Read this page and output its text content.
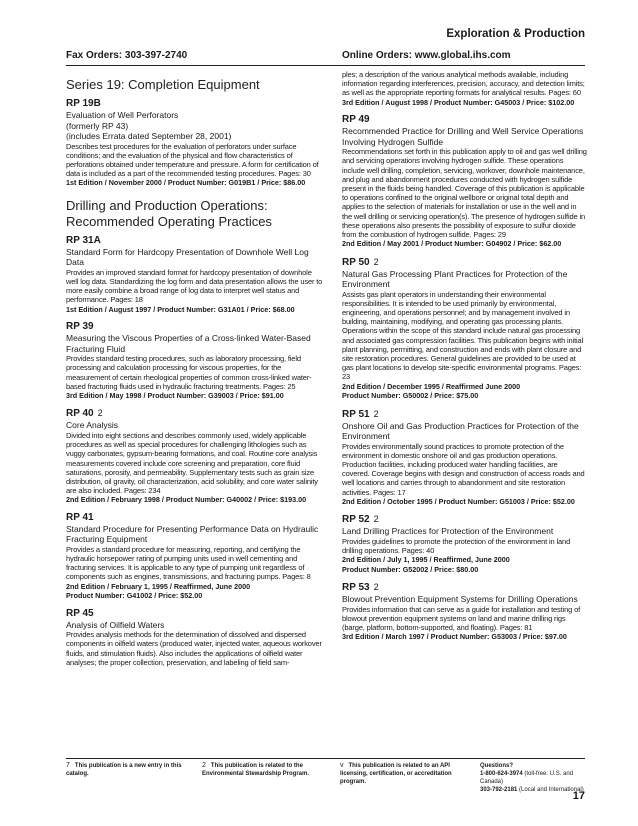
Exploration & Production
Fax Orders: 303-397-2740	Online Orders: www.global.ihs.com
Series 19: Completion Equipment
RP 19B
Evaluation of Well Perforators
(formerly RP 43)
(includes Errata dated September 28, 2001)
Describes test procedures for the evaluation of perforators under surface conditions; and the evaluation of the physical and flow characteristics of perforations obtained under temperature and pressure. A form for certification of data is included as a part of the recommended testing procedures. Pages: 30
1st Edition / November 2000 / Product Number: G019B1 / Price: $86.00
Drilling and Production Operations:
Recommended Operating Practices
RP 31A
Standard Form for Hardcopy Presentation of Downhole Well Log Data
Provides an improved standard format for hardcopy presentation of downhole well log data. Standardizing the log form and data presentation allows the user to more easily combine a broad range of log data to interpret well status and performance. Pages: 18
1st Edition / August 1997 / Product Number: G31A01 / Price: $68.00
RP 39
Measuring the Viscous Properties of a Cross-linked Water-Based Fracturing Fluid
Provides standard testing procedures, such as laboratory processing, field processing and calculation processing for viscous properties, for the measurement of certain rheological properties of common cross-linked water-based fracturing fluids used in hydraulic fracturing treatments. Pages: 25
3rd Edition / May 1998 / Product Number: G39003 / Price: $91.00
RP 40 2
Core Analysis
Divided into eight sections and describes commonly used, widely applicable procedures as well as special procedures for challenging lithologies such as vuggy carbonates, gypsum-bearing formations, and coal. Routine core analysis measurements covered include core screening and preparation, core fluid saturations, porosity, and permeability. Supplementary tests such as grain size distribution, oil gravity, oil characterization, acid solubility, and core water salinity are also included. Pages: 234
2nd Edition / February 1998 / Product Number: G40002 / Price: $193.00
RP 41
Standard Procedure for Presenting Performance Data on Hydraulic Fracturing Equipment
Provides a standard procedure for measuring, reporting, and certifying the hydraulic horsepower rating of pumping units used in well cementing and fracturing services. It is applicable to any type of pumping unit regardless of components such as engines, transmissions, and fracturing pumps. Pages: 8
2nd Edition / February 1, 1995 / Reaffirmed, June 2000
Product Number: G41002 / Price: $52.00
RP 45
Analysis of Oilfield Waters
Provides analysis methods for the determination of dissolved and dispersed components in oilfield waters (produced water, injected water, aqueous workover fluids, and stimulation fluids). Also includes the applications of oilfield water analyses; the proper collection, preservation, and labeling of field sam-
ples; a description of the various analytical methods available, including information regarding interferences, precision, accuracy, and detection limits; as well as the appropriate reporting formats for analytical results. Pages: 60
3rd Edition / August 1998 / Product Number: G45003 / Price: $102.00
RP 49
Recommended Practice for Drilling and Well Service Operations Involving Hydrogen Sulfide
Recommendations set forth in this publication apply to oil and gas well drilling and servicing operations involving hydrogen sulfide. These operations include well drilling, completion, servicing, workover, downhole maintenance, and plug and abandonment procedures conducted with hydrogen sulfide present in the fluids being handled. Coverage of this publication is applicable to operations confined to the original wellbore or original total depth and applies to the selection of materials for installation or use in the well and in the well drilling or servicing operation(s). The presence of hydrogen sulfide in these operations also presents the possibility of exposure to sulfur dioxide from the combustion of hydrogen sulfide. Pages: 29
2nd Edition / May 2001 / Product Number: G04902 / Price: $62.00
RP 50 2
Natural Gas Processing Plant Practices for Protection of the Environment
Assists gas plant operators in understanding their environmental responsibilities. It is intended to be used primarily by environmental, engineering, and operations personnel; and by management involved in building, maintaining, modifying, and operating gas processing plants. Operations within the scope of this standard include natural gas processing and associated gas compression facilities. This publication begins with initial plant planning, permitting, and construction and ends with plant closure and site restoration procedures. General guidelines are provided to be used at gas plant locations to develop site-specific environmental programs. Pages: 23
2nd Edition / December 1995 / Reaffirmed June 2000
Product Number: G50002 / Price: $75.00
RP 51 2
Onshore Oil and Gas Production Practices for Protection of the Environment
Provides environmentally sound practices to promote protection of the environment in domestic onshore oil and gas production operations. Production facilities, including produced water handling facilities, are covered. Coverage begins with design and construction of access roads and well locations and carries through to abandonment and site restoration activities. Pages: 17
2nd Edition / October 1995 / Product Number: G51003 / Price: $52.00
RP 52 2
Land Drilling Practices for Protection of the Environment
Provides guidelines to promote the protection of the environment in land drilling operations. Pages: 40
2nd Edition / July 1, 1995 / Reaffirmed, June 2000
Product Number: G52002 / Price: $80.00
RP 53 2
Blowout Prevention Equipment Systems for Drilling Operations
Provides information that can serve as a guide for installation and testing of blowout prevention equipment systems on land and marine drilling rigs (barge, platform, bottom-supported, and floating). Pages: 81
3rd Edition / March 1997 / Product Number: G53003 / Price: $97.00
7 This publication is a new entry in this catalog.
2 This publication is related to the Environmental Stewardship Program.
v This publication is related to an API licensing, certification, or accreditation program.
Questions?
1-800-624-3974 (toll-free: U.S. and Canada)
303-792-2181 (Local and International)
17
